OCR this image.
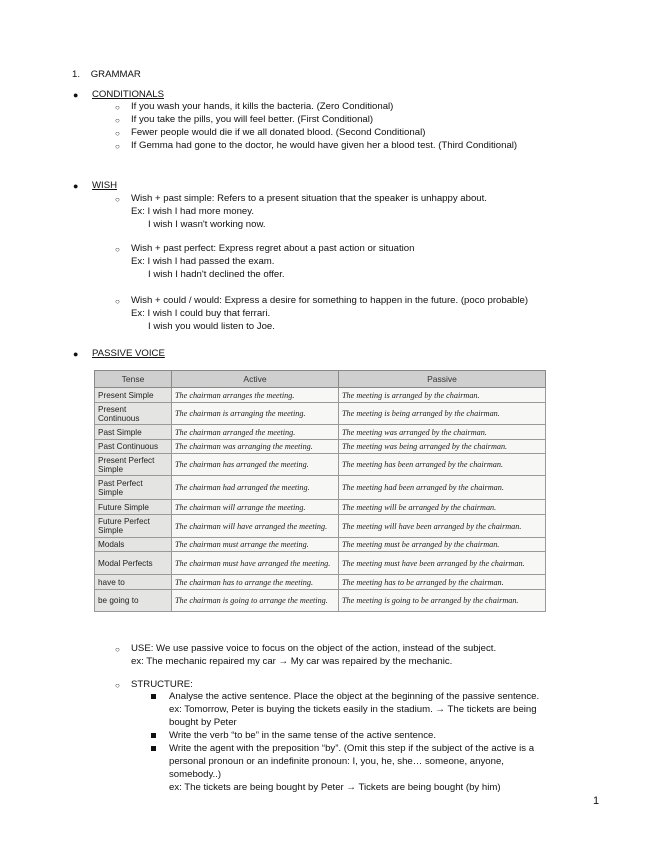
1. GRAMMAR
● CONDITIONALS
○ If you wash your hands, it kills the bacteria. (Zero Conditional)
○ If you take the pills, you will feel better. (First Conditional)
○ Fewer people would die if we all donated blood. (Second Conditional)
○ If Gemma had gone to the doctor, he would have given her a blood test. (Third Conditional)
● WISH
○ Wish + past simple: Refers to a present situation that the speaker is unhappy about.
Ex: I wish I had more money.
I wish I wasn't working now.
○ Wish + past perfect: Express regret about a past action or situation
Ex: I wish I had passed the exam.
I wish I hadn't declined the offer.
○ Wish + could / would: Express a desire for something to happen in the future. (poco probable)
Ex: I wish I could buy that ferrari.
I wish you would listen to Joe.
● PASSIVE VOICE
Tense	Active	Passive
Present Simple	The chairman arranges the meeting.	The meeting is arranged by the chairman.
Present Continuous	The chairman is arranging the meeting.	The meeting is being arranged by the chairman.
Past Simple	The chairman arranged the meeting.	The meeting was arranged by the chairman.
Past Continuous	The chairman was arranging the meeting.	The meeting was being arranged by the chairman.
Present Perfect Simple	The chairman has arranged the meeting.	The meeting has been arranged by the chairman.
Past Perfect Simple	The chairman had arranged the meeting.	The meeting had been arranged by the chairman.
Future Simple	The chairman will arrange the meeting.	The meeting will be arranged by the chairman.
Future Perfect Simple	The chairman will have arranged the meeting.	The meeting will have been arranged by the chairman.
Modals	The chairman must arrange the meeting.	The meeting must be arranged by the chairman.
Modal Perfects	The chairman must have arranged the meeting.	The meeting must have been arranged by the chairman.
have to	The chairman has to arrange the meeting.	The meeting has to be arranged by the chairman.
be going to	The chairman is going to arrange the meeting.	The meeting is going to be arranged by the chairman.
○ USE: We use passive voice to focus on the object of the action, instead of the subject.
ex: The mechanic repaired my car → My car was repaired by the mechanic.
○ STRUCTURE:
Analyse the active sentence. Place the object at the beginning of the passive sentence.
ex: Tomorrow, Peter is buying the tickets easily in the stadium. → The tickets are being
bought by Peter
Write the verb “to be” in the same tense of the active sentence.
Write the agent with the preposition “by”. (Omit this step if the subject of the active is a
personal pronoun or an indefinite pronoun: I, you, he, she… someone, anyone,
somebody..)
ex: The tickets are being bought by Peter → Tickets are being bought (by him)
1
